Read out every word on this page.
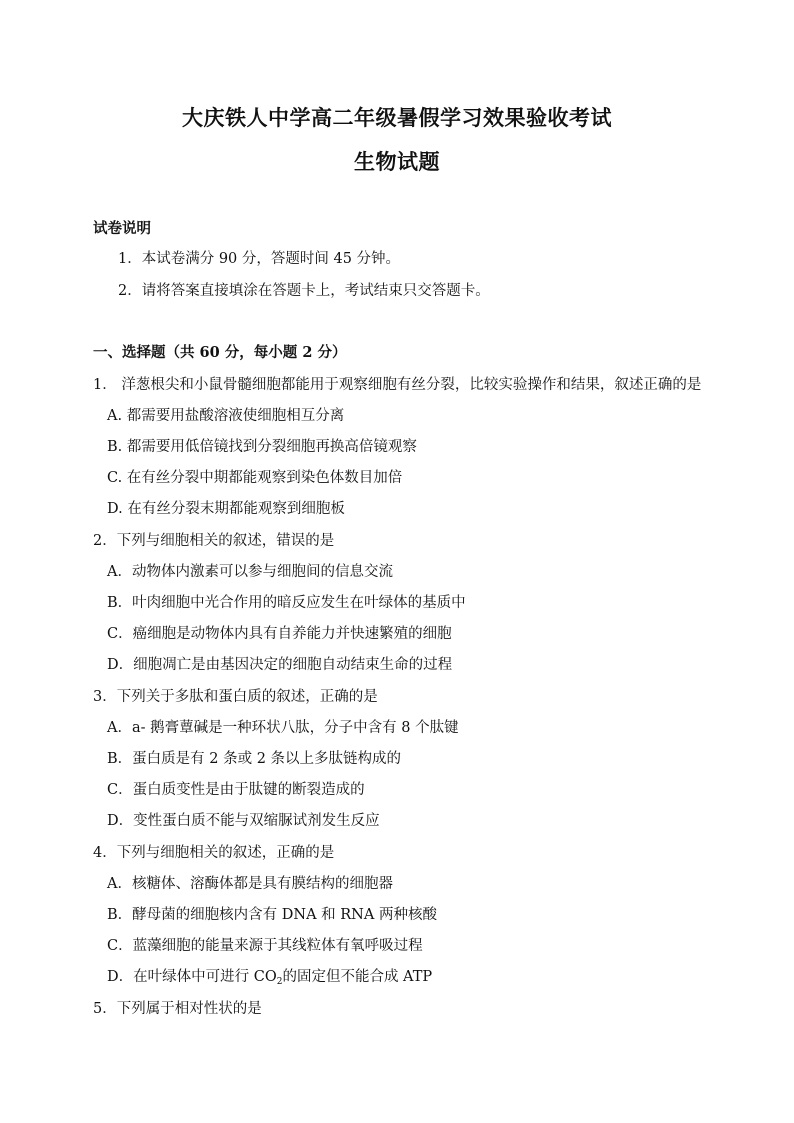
大庆铁人中学高二年级暑假学习效果验收考试
生物试题
试卷说明
1．本试卷满分 90 分，答题时间 45 分钟。
2．请将答案直接填涂在答题卡上，考试结束只交答题卡。
一、选择题（共 60 分，每小题 2 分）
1． 洋葱根尖和小鼠骨髓细胞都能用于观察细胞有丝分裂，比较实验操作和结果，叙述正确的是
A. 都需要用盐酸溶液使细胞相互分离
B. 都需要用低倍镜找到分裂细胞再换高倍镜观察
C. 在有丝分裂中期都能观察到染色体数目加倍
D. 在有丝分裂末期都能观察到细胞板
2．下列与细胞相关的叙述，错误的是
A．动物体内激素可以参与细胞间的信息交流
B．叶肉细胞中光合作用的暗反应发生在叶绿体的基质中
C．癌细胞是动物体内具有自养能力并快速繁殖的细胞
D．细胞凋亡是由基因决定的细胞自动结束生命的过程
3．下列关于多肽和蛋白质的叙述，正确的是
A．a- 鹅膏蕈碱是一种环状八肽，分子中含有 8 个肽键
B．蛋白质是有 2 条或 2 条以上多肽链构成的
C．蛋白质变性是由于肽键的断裂造成的
D．变性蛋白质不能与双缩脲试剂发生反应
4．下列与细胞相关的叙述，正确的是
A．核糖体、溶酶体都是具有膜结构的细胞器
B．酵母菌的细胞核内含有 DNA 和 RNA 两种核酸
C．蓝藻细胞的能量来源于其线粒体有氧呼吸过程
D．在叶绿体中可进行 $CO_2$的固定但不能合成 ATP
5．下列属于相对性状的是
